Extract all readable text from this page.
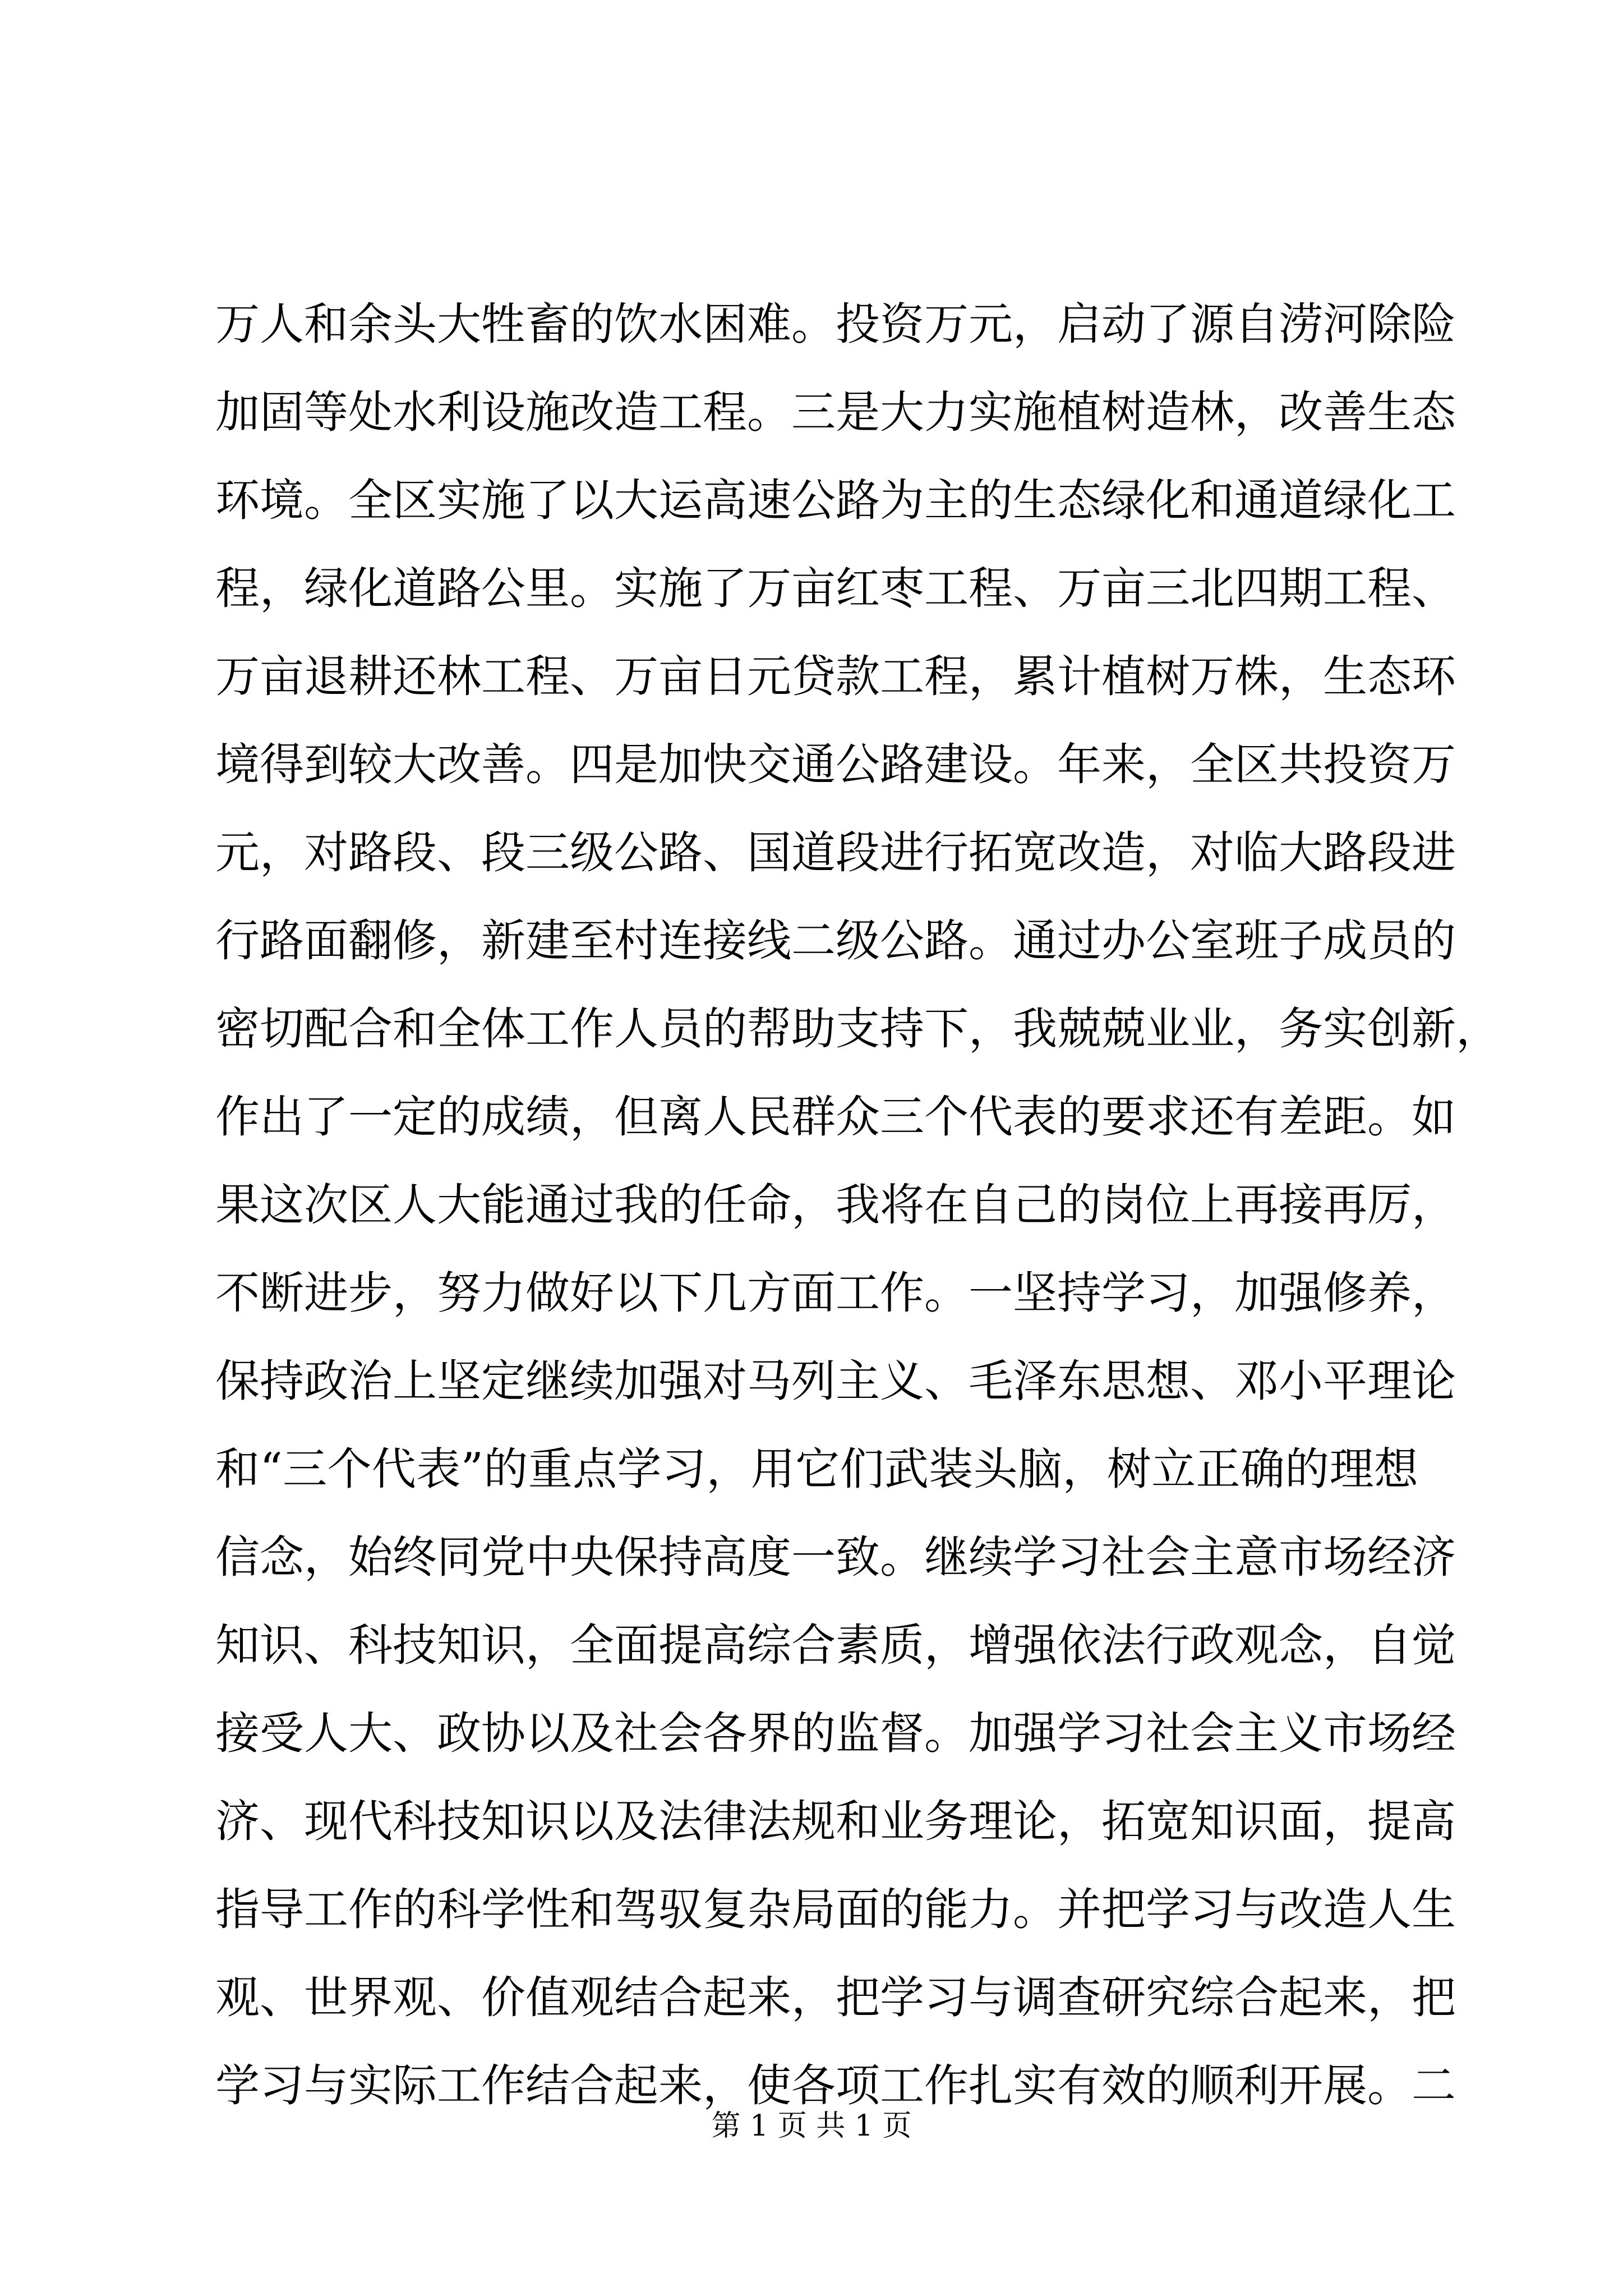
万人和余头大牲畜的饮水困难。投资万元，启动了源自涝河除险
加固等处水利设施改造工程。三是大力实施植树造林，改善生态
环境。全区实施了以大运高速公路为主的生态绿化和通道绿化工
程，绿化道路公里。实施了万亩红枣工程、万亩三北四期工程、
万亩退耕还林工程、万亩日元贷款工程，累计植树万株，生态环
境得到较大改善。四是加快交通公路建设。年来，全区共投资万
元，对路段、段三级公路、国道段进行拓宽改造，对临大路段进
行路面翻修，新建至村连接线二级公路。通过办公室班子成员的
密切配合和全体工作人员的帮助支持下，我兢兢业业，务实创新，
作出了一定的成绩，但离人民群众三个代表的要求还有差距。如
果这次区人大能通过我的任命，我将在自己的岗位上再接再厉，
不断进步，努力做好以下几方面工作。一坚持学习，加强修养，
保持政治上坚定继续加强对马列主义、毛泽东思想、邓小平理论
和“三个代表”的重点学习，用它们武装头脑，树立正确的理想
信念，始终同党中央保持高度一致。继续学习社会主意市场经济
知识、科技知识，全面提高综合素质，增强依法行政观念，自觉
接受人大、政协以及社会各界的监督。加强学习社会主义市场经
济、现代科技知识以及法律法规和业务理论，拓宽知识面，提高
指导工作的科学性和驾驭复杂局面的能力。并把学习与改造人生
观、世界观、价值观结合起来，把学习与调查研究综合起来，把
学习与实际工作结合起来，使各项工作扎实有效的顺利开展。二
第 1 页 共 1 页
